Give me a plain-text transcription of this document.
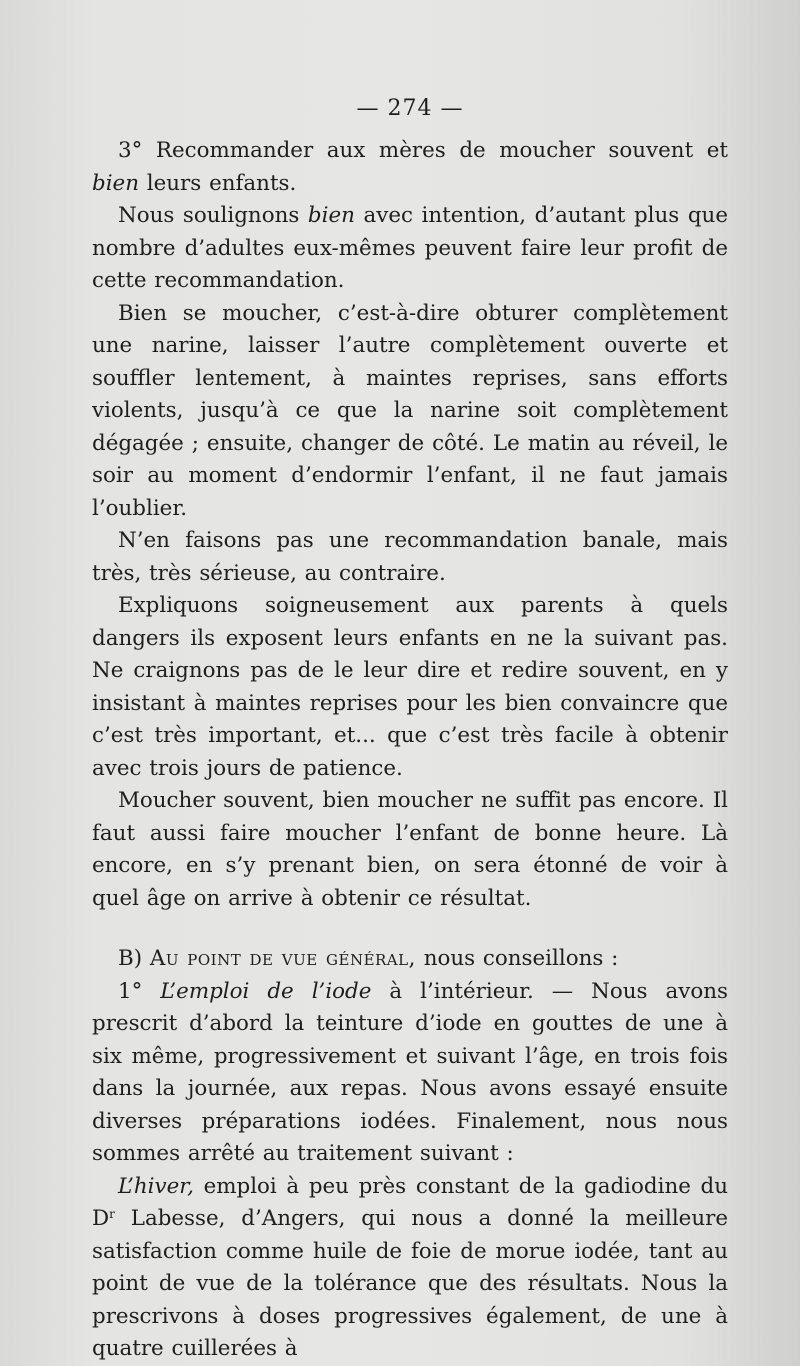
— 274 —

3° Recommander aux mères de moucher souvent et bien leurs enfants.

Nous soulignons bien avec intention, d’autant plus que nombre d’adultes eux-mêmes peuvent faire leur profit de cette recommandation.

Bien se moucher, c’est-à-dire obturer complètement une narine, laisser l’autre complètement ouverte et souffler lentement, à maintes reprises, sans efforts violents, jusqu’à ce que la narine soit complètement dégagée ; ensuite, changer de côté. Le matin au réveil, le soir au moment d’endormir l’enfant, il ne faut jamais l’oublier.

N’en faisons pas une recommandation banale, mais très, très sérieuse, au contraire.

Expliquons soigneusement aux parents à quels dangers ils exposent leurs enfants en ne la suivant pas. Ne craignons pas de le leur dire et redire souvent, en y insistant à maintes reprises pour les bien convaincre que c’est très important, et... que c’est très facile à obtenir avec trois jours de patience.

Moucher souvent, bien moucher ne suffit pas encore. Il faut aussi faire moucher l’enfant de bonne heure. Là encore, en s’y prenant bien, on sera étonné de voir à quel âge on arrive à obtenir ce résultat.

B) Au point de vue général, nous conseillons :

1° L’emploi de l’iode à l’intérieur. — Nous avons prescrit d’abord la teinture d’iode en gouttes de une à six même, progressivement et suivant l’âge, en trois fois dans la journée, aux repas. Nous avons essayé ensuite diverses préparations iodées. Finalement, nous nous sommes arrêté au traitement suivant :

L’hiver, emploi à peu près constant de la gadiodine du $D^r$ Labesse, d’Angers, qui nous a donné la meilleure satisfaction comme huile de foie de morue iodée, tant au point de vue de la tolérance que des résultats. Nous la prescrivons à doses progressives également, de une à quatre cuillerées à
